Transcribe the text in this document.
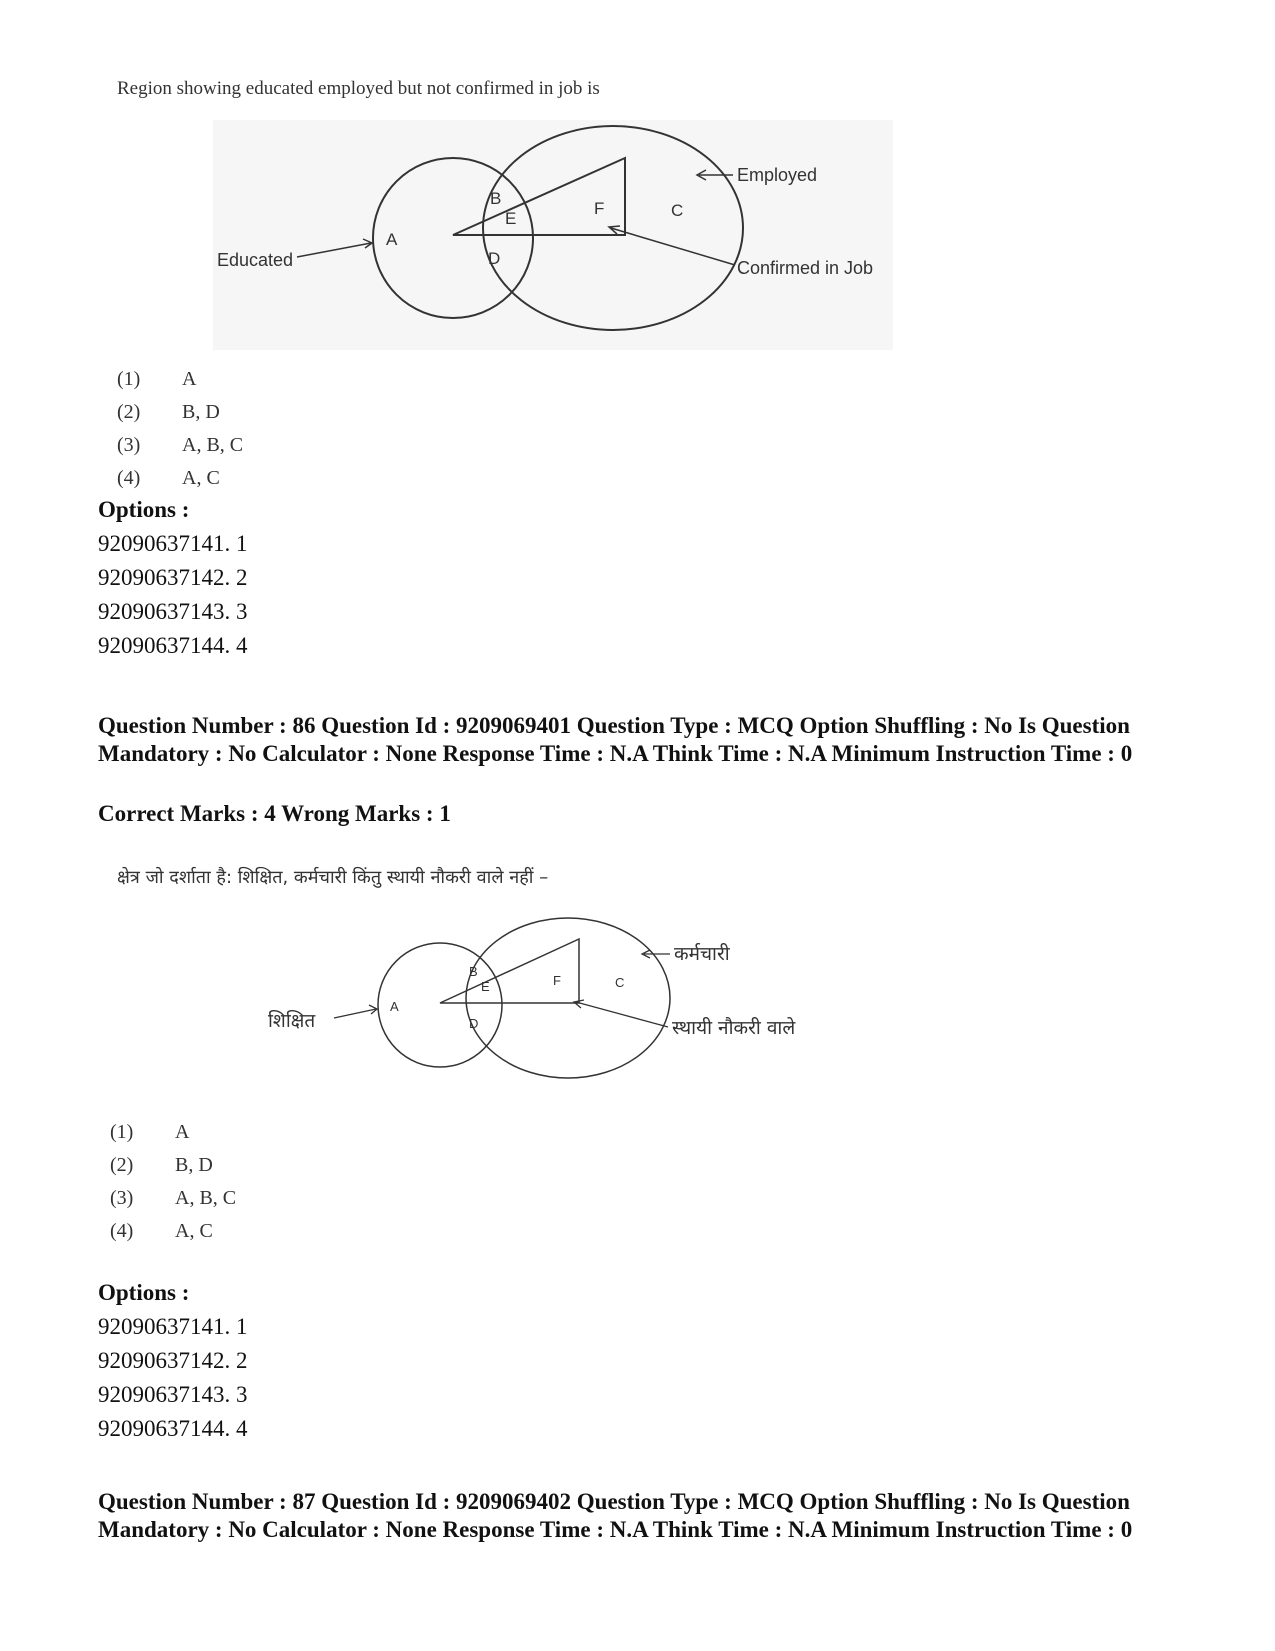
Region showing educated employed but not confirmed in job is
A
B
E
F	C
D
Employed
Educated	Confirmed in Job
(1) A
(2) B, D
(3) A, B, C
(4) A, C
Options :
92090637141. 1
92090637142. 2
92090637143. 3
92090637144. 4
Question Number : 86 Question Id : 9209069401 Question Type : MCQ Option Shuffling : No Is Question Mandatory : No Calculator : None Response Time : N.A Think Time : N.A Minimum Instruction Time : 0
Correct Marks : 4 Wrong Marks : 1
क्षेत्र जो दर्शाता है: शिक्षित, कर्मचारी किंतु स्थायी नौकरी वाले नहीं –
A
B
E	F	C
D
कर्मचारी
शिक्षित	स्थायी नौकरी वाले
(1) A
(2) B, D
(3) A, B, C
(4) A, C
Options :
92090637141. 1
92090637142. 2
92090637143. 3
92090637144. 4
Question Number : 87 Question Id : 9209069402 Question Type : MCQ Option Shuffling : No Is Question Mandatory : No Calculator : None Response Time : N.A Think Time : N.A Minimum Instruction Time : 0
